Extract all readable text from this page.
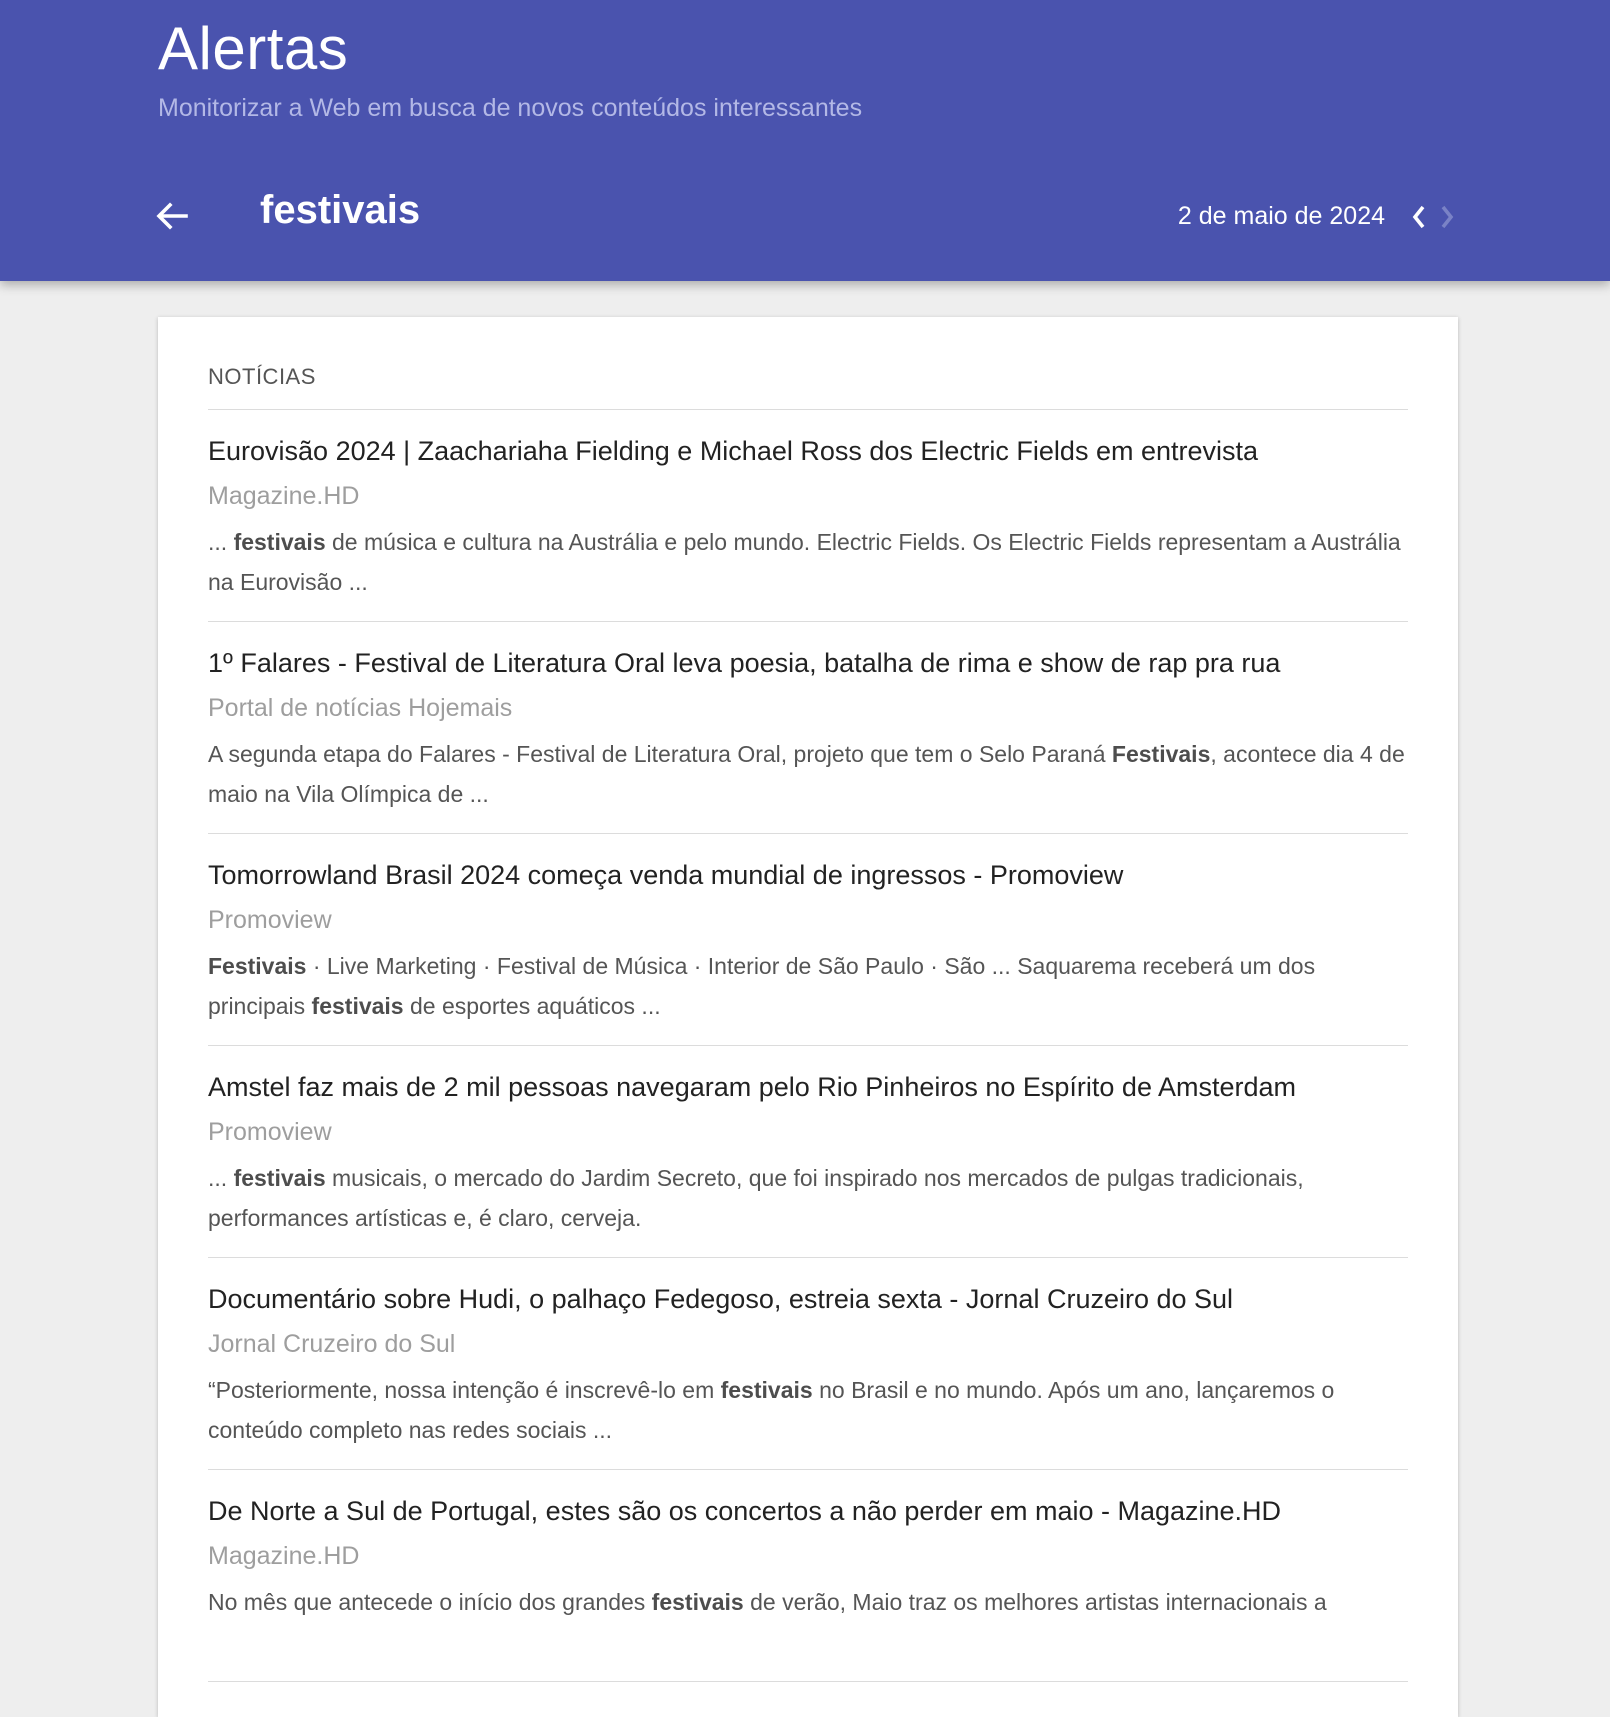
Alertas

Monitorizar a Web em busca de novos conteúdos interessantes

festivais	2 de maio de 2024
NOTÍCIAS
Eurovisão 2024 | Zaachariaha Fielding e Michael Ross dos Electric Fields em entrevista
Magazine.HD
... festivais de música e cultura na Austrália e pelo mundo. Electric Fields. Os Electric Fields representam a Austrália na Eurovisão ...
1º Falares - Festival de Literatura Oral leva poesia, batalha de rima e show de rap pra rua
Portal de notícias Hojemais
A segunda etapa do Falares - Festival de Literatura Oral, projeto que tem o Selo Paraná Festivais, acontece dia 4 de maio na Vila Olímpica de ...
Tomorrowland Brasil 2024 começa venda mundial de ingressos - Promoview
Promoview
Festivais · Live Marketing · Festival de Música · Interior de São Paulo · São ... Saquarema receberá um dos principais festivais de esportes aquáticos ...
Amstel faz mais de 2 mil pessoas navegaram pelo Rio Pinheiros no Espírito de Amsterdam
Promoview
... festivais musicais, o mercado do Jardim Secreto, que foi inspirado nos mercados de pulgas tradicionais, performances artísticas e, é claro, cerveja.
Documentário sobre Hudi, o palhaço Fedegoso, estreia sexta - Jornal Cruzeiro do Sul
Jornal Cruzeiro do Sul
“Posteriormente, nossa intenção é inscrevê-lo em festivais no Brasil e no mundo. Após um ano, lançaremos o conteúdo completo nas redes sociais ...
De Norte a Sul de Portugal, estes são os concertos a não perder em maio - Magazine.HD
Magazine.HD
No mês que antecede o início dos grandes festivais de verão, Maio traz os melhores artistas internacionais a
